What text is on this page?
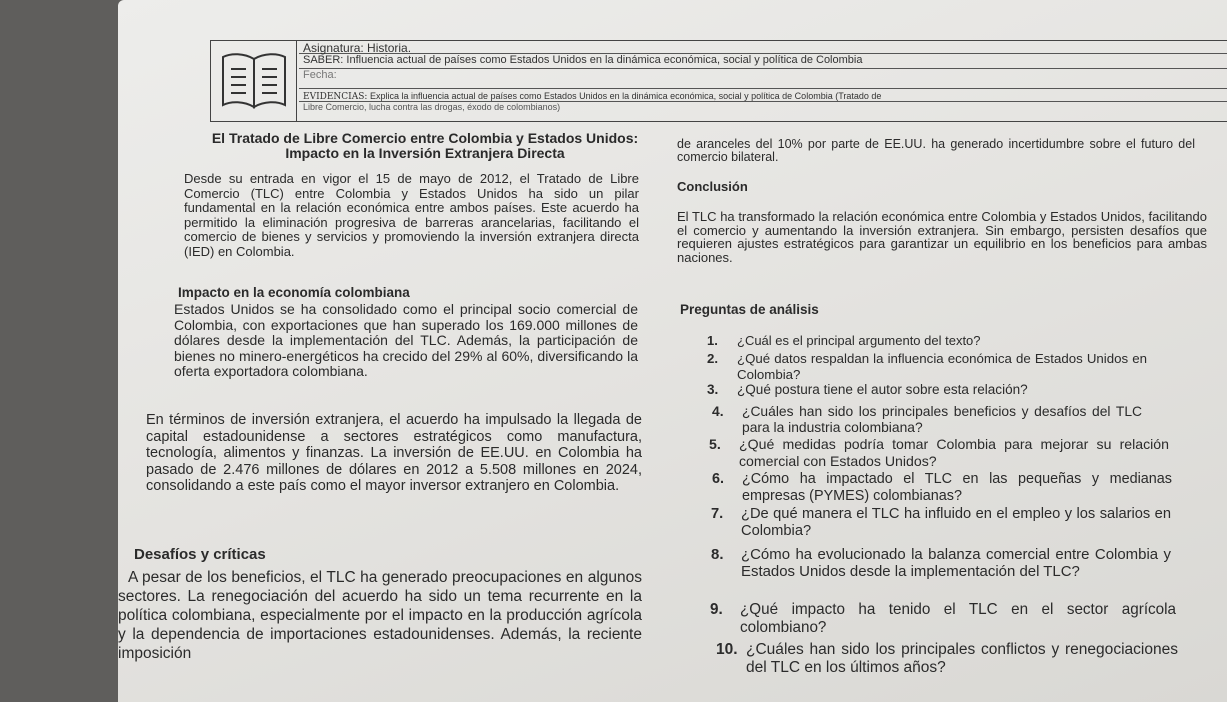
Asignatura: Historia.
SABER: Influencia actual de países como Estados Unidos en la dinámica económica, social y política de Colombia
Fecha:
EVIDENCIAS: Explica la influencia actual de países como Estados Unidos en la dinámica económica, social y política de Colombia (Tratado de
Libre Comercio, lucha contra las drogas, éxodo de colombianos)
El Tratado de Libre Comercio entre Colombia y Estados Unidos: Impacto en la Inversión Extranjera Directa
Desde su entrada en vigor el 15 de mayo de 2012, el Tratado de Libre Comercio (TLC) entre Colombia y Estados Unidos ha sido un pilar fundamental en la relación económica entre ambos países. Este acuerdo ha permitido la eliminación progresiva de barreras arancelarias, facilitando el comercio de bienes y servicios y promoviendo la inversión extranjera directa (IED) en Colombia.
Impacto en la economía colombiana
Estados Unidos se ha consolidado como el principal socio comercial de Colombia, con exportaciones que han superado los 169.000 millones de dólares desde la implementación del TLC. Además, la participación de bienes no minero-energéticos ha crecido del 29% al 60%, diversificando la oferta exportadora colombiana.
En términos de inversión extranjera, el acuerdo ha impulsado la llegada de capital estadounidense a sectores estratégicos como manufactura, tecnología, alimentos y finanzas. La inversión de EE.UU. en Colombia ha pasado de 2.476 millones de dólares en 2012 a 5.508 millones en 2024, consolidando a este país como el mayor inversor extranjero en Colombia.
Desafíos y críticas
A pesar de los beneficios, el TLC ha generado preocupaciones en algunos sectores. La renegociación del acuerdo ha sido un tema recurrente en la política colombiana, especialmente por el impacto en la producción agrícola y la dependencia de importaciones estadounidenses. Además, la reciente imposición
de aranceles del 10% por parte de EE.UU. ha generado incertidumbre sobre el futuro del comercio bilateral.
Conclusión
El TLC ha transformado la relación económica entre Colombia y Estados Unidos, facilitando el comercio y aumentando la inversión extranjera. Sin embargo, persisten desafíos que requieren ajustes estratégicos para garantizar un equilibrio en los beneficios para ambas naciones.
Preguntas de análisis
1. ¿Cuál es el principal argumento del texto?
2. ¿Qué datos respaldan la influencia económica de Estados Unidos en Colombia?
3. ¿Qué postura tiene el autor sobre esta relación?
4. ¿Cuáles han sido los principales beneficios y desafíos del TLC para la industria colombiana?
5. ¿Qué medidas podría tomar Colombia para mejorar su relación comercial con Estados Unidos?
6. ¿Cómo ha impactado el TLC en las pequeñas y medianas empresas (PYMES) colombianas?
7. ¿De qué manera el TLC ha influido en el empleo y los salarios en Colombia?
8. ¿Cómo ha evolucionado la balanza comercial entre Colombia y Estados Unidos desde la implementación del TLC?
9. ¿Qué impacto ha tenido el TLC en el sector agrícola colombiano?
10. ¿Cuáles han sido los principales conflictos y renegociaciones del TLC en los últimos años?
